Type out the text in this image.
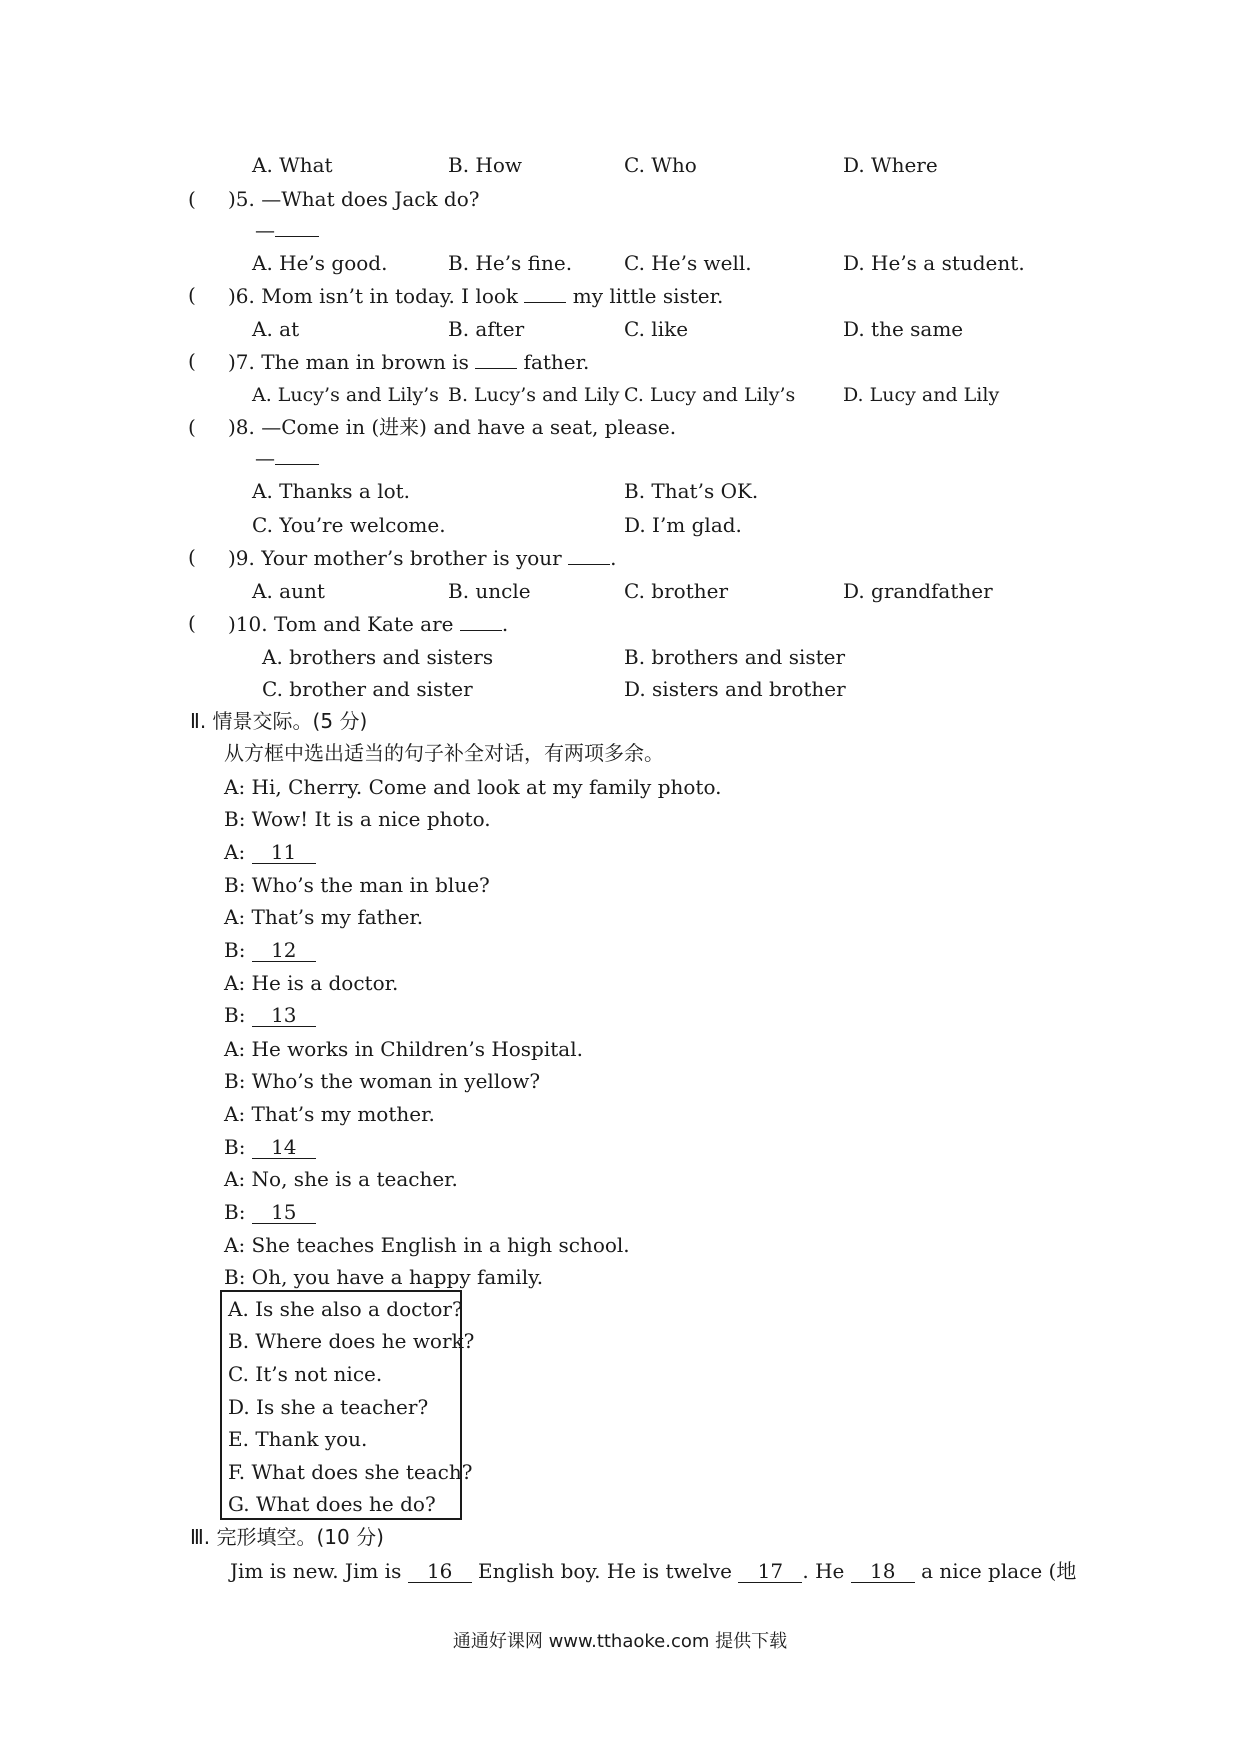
A. What	B. How	C. Who	D. Where
( )5. —What does Jack do?
—
A. He’s good.	B. He’s fine.	C. He’s well.	D. He’s a student.
( )6. Mom isn’t in today. I look  my little sister.
A. at	B. after	C. like	D. the same
( )7. The man in brown is  father.
A. Lucy’s and Lily’s B. Lucy’s and Lily C. Lucy and Lily’s	D. Lucy and Lily
( )8. —Come in (进来) and have a seat, please.
—
A. Thanks a lot.	B. That’s OK.
C. You’re welcome.	D. I’m glad.
( )9. Your mother’s brother is your .
A. aunt	B. uncle	C. brother	D. grandfather
( )10. Tom and Kate are .
A. brothers and sisters	B. brothers and sister
C. brother and sister	D. sisters and brother
Ⅱ. 情景交际。(5 分)
从方框中选出适当的句子补全对话，有两项多余。
A: Hi, Cherry. Come and look at my family photo.
B: Wow! It is a nice photo.
A: 11
B: Who’s the man in blue?
A: That’s my father.
B: 12
A: He is a doctor.
B: 13
A: He works in Children’s Hospital.
B: Who’s the woman in yellow?
A: That’s my mother.
B: 14
A: No, she is a teacher.
B: 15
A: She teaches English in a high school.
B: Oh, you have a happy family.
A. Is she also a doctor?
B. Where does he work?
C. It’s not nice.
D. Is she a teacher?
E. Thank you.
F. What does she teach?
G. What does he do?
Ⅲ. 完形填空。(10 分)
Jim is new. Jim is 16 English boy. He is twelve 17 . He 18 a nice place (地
通通好课网 www.tthaoke.com 提供下载
